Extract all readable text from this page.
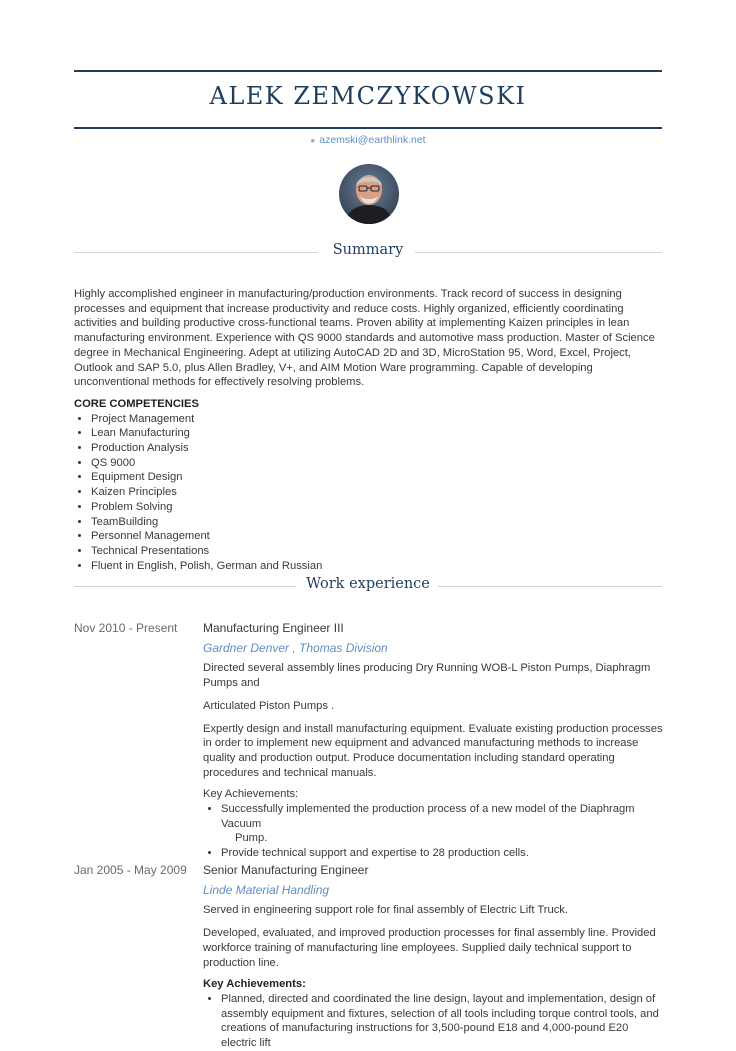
ALEK ZEMCZYKOWSKI
● azemski@earthlink.net
Summary

Highly accomplished engineer in manufacturing/production environments. Track record of success in designing processes and equipment that increase productivity and reduce costs. Highly organized, efficiently coordinating activities and building productive cross-functional teams. Proven ability at implementing Kaizen principles in lean manufacturing environment. Experience with QS 9000 standards and automotive mass production. Master of Science degree in Mechanical Engineering. Adept at utilizing AutoCAD 2D and 3D, MicroStation 95, Word, Excel, Project, Outlook and SAP 5.0, plus Allen Bradley, V+, and AIM Motion Ware programming. Capable of developing unconventional methods for effectively resolving problems.

CORE COMPETENCIES
• Project Management
• Lean Manufacturing
• Production Analysis
• QS 9000
• Equipment Design
• Kaizen Principles
• Problem Solving
• TeamBuilding
• Personnel Management
• Technical Presentations
• Fluent in English, Polish, German and Russian
Work experience
Nov 2010 - Present	Manufacturing Engineer III
Gardner Denver , Thomas Division

Directed several assembly lines producing Dry Running WOB-L Piston Pumps, Diaphragm Pumps and

Articulated Piston Pumps .

Expertly design and install manufacturing equipment. Evaluate existing production processes in order to implement new equipment and advanced manufacturing methods to increase quality and production output. Produce documentation including standard operating procedures and technical manuals.

Key Achievements:
• Successfully implemented the production process of a new model of the Diaphragm Vacuum
Pump.
• Provide technical support and expertise to 28 production cells.
Jan 2005 - May 2009	Senior Manufacturing Engineer
Linde Material Handling

Served in engineering support role for final assembly of Electric Lift Truck.

Developed, evaluated, and improved production processes for final assembly line. Provided workforce training of manufacturing line employees. Supplied daily technical support to production line.

Key Achievements:
• Planned, directed and coordinated the line design, layout and implementation, design of assembly equipment and fixtures, selection of all tools including torque control tools, and creations of manufacturing instructions for 3,500-pound E18 and 4,000-pound E20 electric lift
